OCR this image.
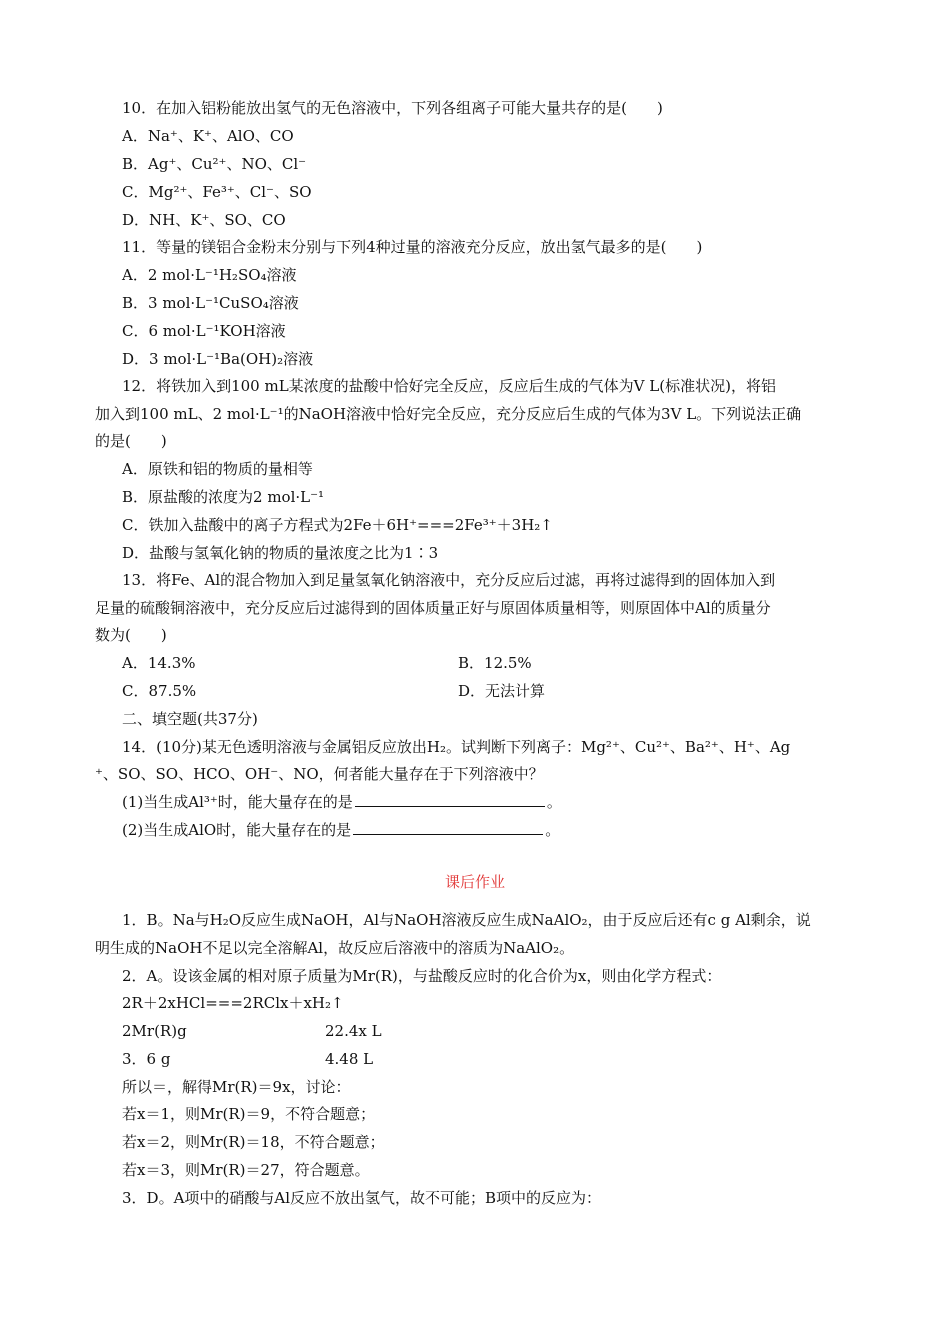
10．在加入铝粉能放出氢气的无色溶液中，下列各组离子可能大量共存的是(　　)
A．Na⁺、K⁺、AlO、CO
B．Ag⁺、Cu²⁺、NO、Cl⁻
C．Mg²⁺、Fe³⁺、Cl⁻、SO
D．NH、K⁺、SO、CO
11．等量的镁铝合金粉末分别与下列4种过量的溶液充分反应，放出氢气最多的是(　　)
A．2 mol·L⁻¹H₂SO₄溶液
B．3 mol·L⁻¹CuSO₄溶液
C．6 mol·L⁻¹KOH溶液
D．3 mol·L⁻¹Ba(OH)₂溶液
12．将铁加入到100 mL某浓度的盐酸中恰好完全反应，反应后生成的气体为V L(标准状况)，将铝
加入到100 mL、2 mol·L⁻¹的NaOH溶液中恰好完全反应，充分反应后生成的气体为3V L。下列说法正确
的是(　　)
A．原铁和铝的物质的量相等
B．原盐酸的浓度为2 mol·L⁻¹
C．铁加入盐酸中的离子方程式为2Fe＋6H⁺===2Fe³⁺＋3H₂↑
D．盐酸与氢氧化钠的物质的量浓度之比为1∶3
13．将Fe、Al的混合物加入到足量氢氧化钠溶液中，充分反应后过滤，再将过滤得到的固体加入到
足量的硫酸铜溶液中，充分反应后过滤得到的固体质量正好与原固体质量相等，则原固体中Al的质量分
数为(　　)
A．14.3%	B．12.5%
C．87.5%	D．无法计算
二、填空题(共37分)
14．(10分)某无色透明溶液与金属铝反应放出H₂。试判断下列离子：Mg²⁺、Cu²⁺、Ba²⁺、H⁺、Ag
⁺、SO、SO、HCO、OH⁻、NO，何者能大量存在于下列溶液中？
(1)当生成Al³⁺时，能大量存在的是	。
(2)当生成AlO时，能大量存在的是	。
课后作业
1．B。Na与H₂O反应生成NaOH，Al与NaOH溶液反应生成NaAlO₂，由于反应后还有c g Al剩余，说
明生成的NaOH不足以完全溶解Al，故反应后溶液中的溶质为NaAlO₂。
2．A。设该金属的相对原子质量为Mr(R)，与盐酸反应时的化合价为x，则由化学方程式：
2R＋2xHCl===2RClx＋xH₂↑
2Mr(R)g	22.4x L
3．6 g	4.48 L
所以＝，解得Mr(R)＝9x，讨论：
若x＝1，则Mr(R)＝9，不符合题意；
若x＝2，则Mr(R)＝18，不符合题意；
若x＝3，则Mr(R)＝27，符合题意。
3．D。A项中的硝酸与Al反应不放出氢气，故不可能；B项中的反应为：
